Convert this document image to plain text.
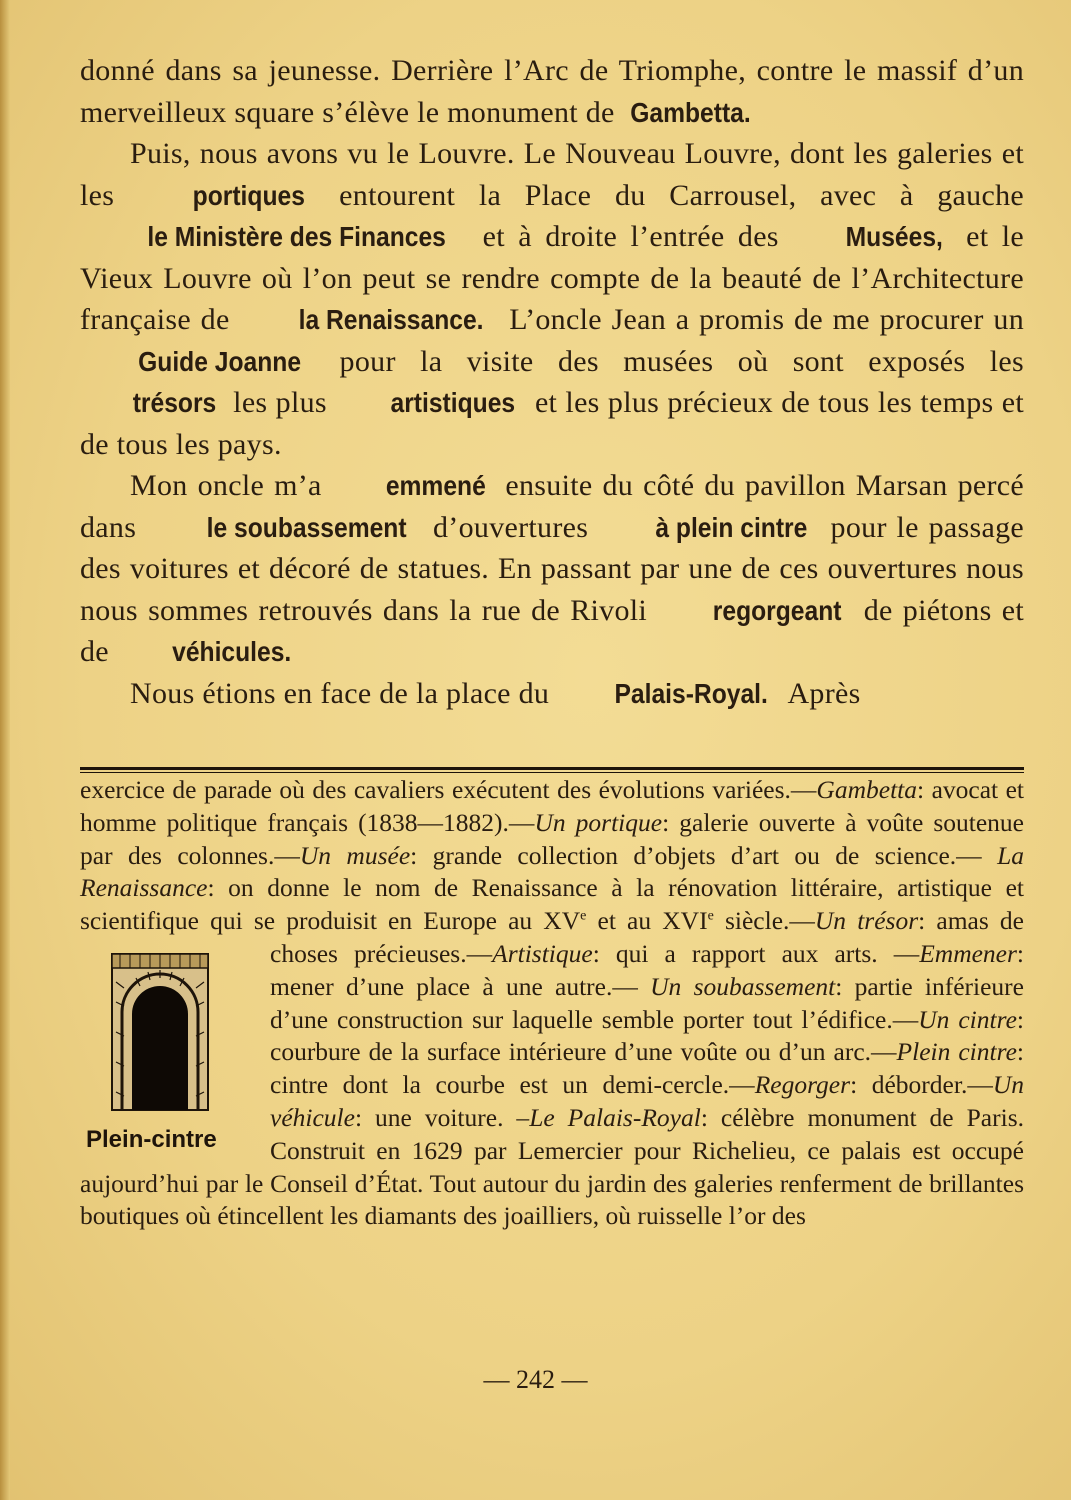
donné dans sa jeunesse. Derrière l’Arc de Triomphe, contre le massif d’un merveilleux square s’élève le monument de Gambetta.

Puis, nous avons vu le Louvre. Le Nouveau Louvre, dont les galeries et les portiques entourent la Place du Carrousel, avec à gauche le Ministère des Finances et à droite l’entrée des Musées, et le Vieux Louvre où l’on peut se rendre compte de la beauté de l’Architecture française de la Renaissance. L’oncle Jean a promis de me procurer un Guide Joanne pour la visite des musées où sont exposés les trésors les plus artistiques et les plus précieux de tous les temps et de tous les pays.

Mon oncle m’a emmené ensuite du côté du pavillon Marsan percé dans le soubassement d’ouvertures à plein cintre pour le passage des voitures et décoré de statues. En passant par une de ces ouvertures nous nous sommes retrouvés dans la rue de Rivoli regorgeant de piétons et de véhicules.

Nous étions en face de la place du Palais-Royal. Après

exercice de parade où des cavaliers exécutent des évolutions variées.—Gambetta: avocat et homme politique français (1838—1882).—Un portique: galerie ouverte à voûte soutenue par des colonnes.—Un musée: grande collection d’objets d’art ou de science.— La Renaissance: on donne le nom de Renaissance à la rénovation littéraire, artistique et scientifique qui se produisit en Europe au XVe et au XVIe siècle.—Un trésor: amas de choses précieuses.—Artistique: qui a rapport aux arts. —
Plein-cintre
Emmener: mener d’une place à une autre.— Un soubassement: partie inférieure d’une construction sur laquelle semble porter tout l’édifice.—Un cintre: courbure de la surface intérieure d’une voûte ou d’un arc.—Plein cintre: cintre dont la courbe est un demi-cercle.—Regorger: déborder.—Un véhicule: une voiture. –Le Palais-Royal: célèbre monument de Paris. Construit en 1629 par Lemercier pour Richelieu, ce palais est occupé aujourd’hui par le Conseil d’État. Tout autour du jardin des galeries renferment de brillantes boutiques où étincellent les diamants des joailliers, où ruisselle l’or des

— 242 —
